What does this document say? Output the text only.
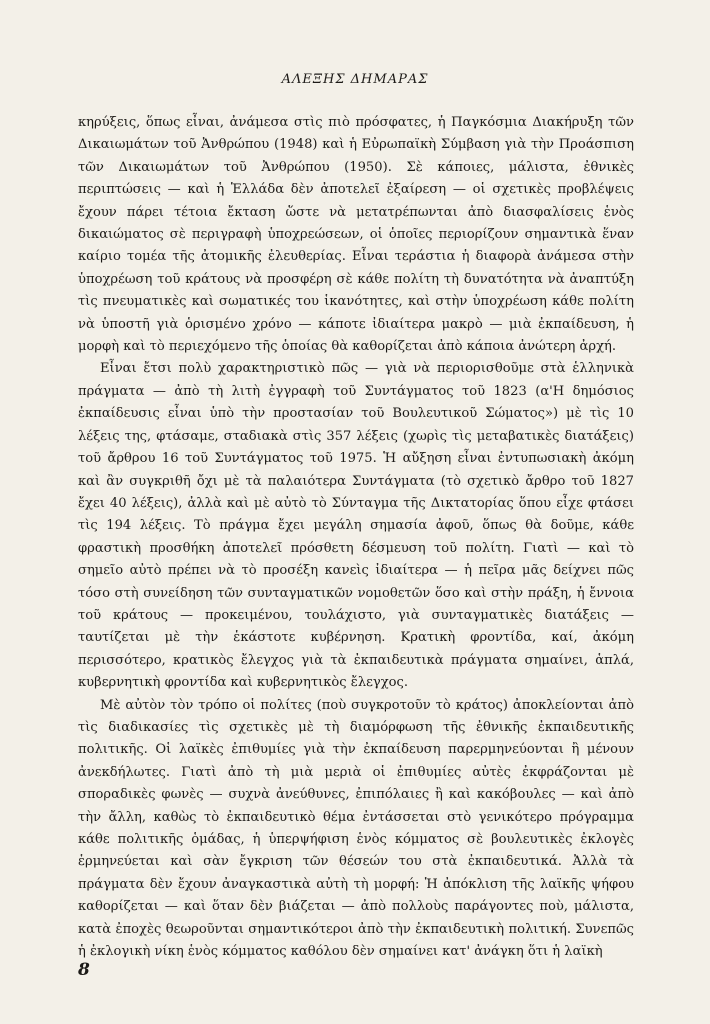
ΑΛΕΞΗΣ ΔΗΜΑΡΑΣ

κηρύξεις, ὅπως εἶναι, ἀνάμεσα στὶς πιὸ πρόσφατες, ἡ Παγκόσμια Διακήρυξη τῶν Δικαιωμάτων τοῦ Ἀνθρώπου (1948) καὶ ἡ Εὐρωπαϊκὴ Σύμβαση γιὰ τὴν Προάσπιση τῶν Δικαιωμάτων τοῦ Ἀνθρώπου (1950). Σὲ κάποιες, μάλιστα, ἐθνικὲς περιπτώσεις — καὶ ἡ Ἑλλάδα δὲν ἀποτελεῖ ἐξαίρεση — οἱ σχετικὲς προβλέψεις ἔχουν πάρει τέτοια ἔκταση ὥστε νὰ μετατρέπωνται ἀπὸ διασφαλίσεις ἑνὸς δικαιώματος σὲ περιγραφὴ ὑποχρεώσεων, οἱ ὁποῖες περιορίζουν σημαντικὰ ἕναν καίριο τομέα τῆς ἀτομικῆς ἐλευθερίας. Εἶναι τεράστια ἡ διαφορὰ ἀνάμεσα στὴν ὑποχρέωση τοῦ κράτους νὰ προσφέρη σὲ κάθε πολίτη τὴ δυνατότητα νὰ ἀναπτύξη τὶς πνευματικὲς καὶ σωματικές του ἱκανότητες, καὶ στὴν ὑποχρέωση κάθε πολίτη νὰ ὑποστῆ γιὰ ὁρισμένο χρόνο — κάποτε ἰδιαίτερα μακρὸ — μιὰ ἐκπαίδευση, ἡ μορφὴ καὶ τὸ περιεχόμενο τῆς ὁποίας θὰ καθορίζεται ἀπὸ κάποια ἀνώτερη ἀρχή.

Εἶναι ἔτσι πολὺ χαρακτηριστικὸ πῶς — γιὰ νὰ περιορισθοῦμε στὰ ἑλληνικὰ πράγματα — ἀπὸ τὴ λιτὴ ἐγγραφὴ τοῦ Συντάγματος τοῦ 1823 (α'Η δημόσιος ἐκπαίδευσις εἶναι ὑπὸ τὴν προστασίαν τοῦ Βουλευτικοῦ Σώματος») μὲ τὶς 10 λέξεις της, φτάσαμε, σταδιακὰ στὶς 357 λέξεις (χωρὶς τὶς μεταβατικὲς διατάξεις) τοῦ ἄρθρου 16 τοῦ Συντάγματος τοῦ 1975. Ἡ αὔξηση εἶναι ἐντυπωσιακὴ ἀκόμη καὶ ἂν συγκριθῆ ὄχι μὲ τὰ παλαιότερα Συντάγματα (τὸ σχετικὸ ἄρθρο τοῦ 1827 ἔχει 40 λέξεις), ἀλλὰ καὶ μὲ αὐτὸ τὸ Σύνταγμα τῆς Δικτατορίας ὅπου εἶχε φτάσει τὶς 194 λέξεις. Τὸ πράγμα ἔχει μεγάλη σημασία ἀφοῦ, ὅπως θὰ δοῦμε, κάθε φραστικὴ προσθήκη ἀποτελεῖ πρόσθετη δέσμευση τοῦ πολίτη. Γιατὶ — καὶ τὸ σημεῖο αὐτὸ πρέπει νὰ τὸ προσέξη κανεὶς ἰδιαίτερα — ἡ πεῖρα μᾶς δείχνει πῶς τόσο στὴ συνείδηση τῶν συνταγματικῶν νομοθετῶν ὅσο καὶ στὴν πράξη, ἡ ἔννοια τοῦ κράτους — προκειμένου, τουλάχιστο, γιὰ συνταγματικὲς διατάξεις — ταυτίζεται μὲ τὴν ἑκάστοτε κυβέρνηση. Κρατικὴ φροντίδα, καί, ἀκόμη περισσότερο, κρατικὸς ἔλεγχος γιὰ τὰ ἐκπαιδευτικὰ πράγματα σημαίνει, ἁπλά, κυβερνητικὴ φροντίδα καὶ κυβερνητικὸς ἔλεγχος.

Μὲ αὐτὸν τὸν τρόπο οἱ πολίτες (ποὺ συγκροτοῦν τὸ κράτος) ἀποκλείονται ἀπὸ τὶς διαδικασίες τὶς σχετικὲς μὲ τὴ διαμόρφωση τῆς ἐθνικῆς ἐκπαιδευτικῆς πολιτικῆς. Οἱ λαϊκὲς ἐπιθυμίες γιὰ τὴν ἐκπαίδευση παρερμηνεύονται ἢ μένουν ἀνεκδήλωτες. Γιατὶ ἀπὸ τὴ μιὰ μεριὰ οἱ ἐπιθυμίες αὐτὲς ἐκφράζονται μὲ σποραδικὲς φωνὲς — συχνὰ ἀνεύθυνες, ἐπιπόλαιες ἢ καὶ κακόβουλες — καὶ ἀπὸ τὴν ἄλλη, καθὼς τὸ ἐκπαιδευτικὸ θέμα ἐντάσσεται στὸ γενικότερο πρόγραμμα κάθε πολιτικῆς ὁμάδας, ἡ ὑπερψήφιση ἑνὸς κόμματος σὲ βουλευτικὲς ἐκλογὲς ἑρμηνεύεται καὶ σὰν ἔγκριση τῶν θέσεών του στὰ ἐκπαιδευτικά. Ἀλλὰ τὰ πράγματα δὲν ἔχουν ἀναγκαστικὰ αὐτὴ τὴ μορφή: Ἡ ἀπόκλιση τῆς λαϊκῆς ψήφου καθορίζεται — καὶ ὅταν δὲν βιάζεται — ἀπὸ πολλοὺς παράγοντες ποὺ, μάλιστα, κατὰ ἐποχὲς θεωροῦνται σημαντικότεροι ἀπὸ τὴν ἐκπαιδευτικὴ πολιτική. Συνεπῶς ἡ ἐκλογικὴ νίκη ἑνὸς κόμματος καθόλου δὲν σημαίνει κατ' ἀνάγκη ὅτι ἡ λαϊκὴ

8
